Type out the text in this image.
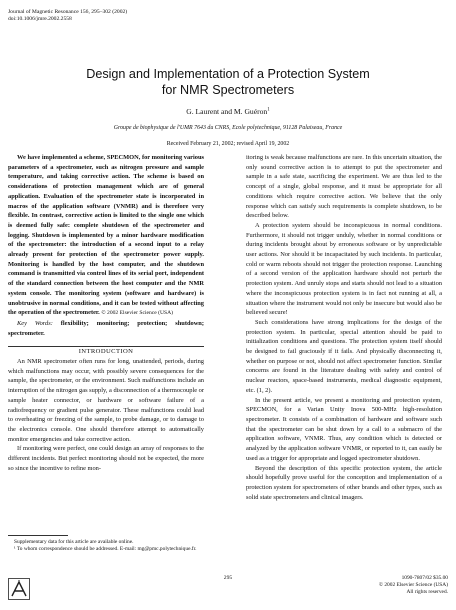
Journal of Magnetic Resonance 156, 295–302 (2002)
doi:10.1006/jmre.2002.2558
Design and Implementation of a Protection System
for NMR Spectrometers
G. Laurent and M. Guéron$^1$
Groupe de biophysique de l'UMR 7643 du CNRS, Ecole polytechnique, 91128 Palaiseau, France
Received February 21, 2002; revised April 19, 2002

We have implemented a scheme, SPECMON, for monitoring various parameters of a spectrometer, such as nitrogen pressure and sample temperature, and taking corrective action. The scheme is based on considerations of protection management which are of general application. Evaluation of the spectrometer state is incorporated in macros of the application software (VNMR) and is therefore very flexible. In contrast, corrective action is limited to the single one which is deemed fully safe: complete shutdown of the spectrometer and logging. Shutdown is implemented by a minor hardware modification of the spectrometer: the introduction of a second input to a relay already present for protection of the spectrometer power supply. Monitoring is handled by the host computer, and the shutdown command is transmitted via control lines of its serial port, independent of the standard connection between the host computer and the NMR system console. The monitoring system (software and hardware) is unobtrusive in normal conditions, and it can be tested without affecting the operation of the spectrometer. © 2002 Elsevier Science (USA)

Key Words: flexibility; monitoring; protection; shutdown; spectrometer.

INTRODUCTION

An NMR spectrometer often runs for long, unattended, periods, during which malfunctions may occur, with possibly severe consequences for the sample, the spectrometer, or the environment. Such malfunctions include an interruption of the nitrogen gas supply, a disconnection of a thermocouple or sample heater connector, or hardware or software failure of a radiofrequency or gradient pulse generator. These malfunctions could lead to overheating or freezing of the sample, to probe damage, or to damage to the electronics console. One should therefore attempt to automatically monitor emergencies and take corrective action.

If monitoring were perfect, one could design an array of responses to the different incidents. But perfect monitoring should not be expected, the more so since the incentive to refine mon-

itoring is weak because malfunctions are rare. In this uncertain situation, the only sound corrective action is to attempt to put the spectrometer and sample in a safe state, sacrificing the experiment. We are thus led to the concept of a single, global response, and it must be appropriate for all conditions which require corrective action. We believe that the only response which can satisfy such requirements is complete shutdown, to be described below.

A protection system should be inconspicuous in normal conditions. Furthermore, it should not trigger unduly, whether in normal conditions or during incidents brought about by erroneous software or by unpredictable user actions. Nor should it be incapacitated by such incidents. In particular, cold or warm reboots should not trigger the protection response. Launching of a second version of the application hardware should not perturb the protection system. And unruly stops and starts should not lead to a situation where the inconspicuous protection system is in fact not running at all, a situation where the instrument would not only be insecure but would also be believed secure!

Such considerations have strong implications for the design of the protection system. In particular, special attention should be paid to initialization conditions and questions. The protection system itself should be designed to fail graciously if it fails. And physically disconnecting it, whether on purpose or not, should not affect spectrometer function. Similar concerns are found in the literature dealing with safety and control of nuclear reactors, space-based instruments, medical diagnostic equipment, etc. (1, 2).

In the present article, we present a monitoring and protection system, SPECMON, for a Varian Unity Inova 500-MHz high-resolution spectrometer. It consists of a combination of hardware and software such that the spectrometer can be shut down by a call to a submacro of the application software, VNMR. Thus, any condition which is detected or analyzed by the application software VNMR, or reported to it, can easily be used as a trigger for appropriate and logged spectrometer shutdown.

Beyond the description of this specific protection system, the article should hopefully prove useful for the conception and implementation of a protection system for spectrometers of other brands and other types, such as solid state spectrometers and clinical imagers.

Supplementary data for this article are available online.

¹ To whom correspondence should be addressed. E-mail: mg@pmc.polytechnique.fr.

295	1090-7807/02 $35.00
© 2002 Elsevier Science (USA)
All rights reserved.
